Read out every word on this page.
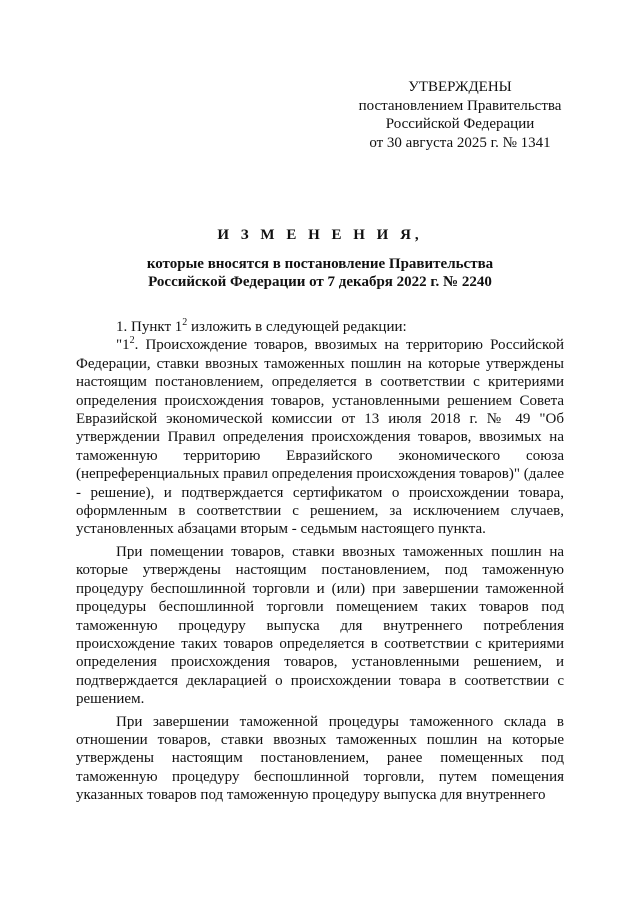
УТВЕРЖДЕНЫ
постановлением Правительства
Российской Федерации
от 30 августа 2025 г. № 1341
И З М Е Н Е Н И Я,
которые вносятся в постановление Правительства
Российской Федерации от 7 декабря 2022 г. № 2240

1. Пункт $1^2$ изложить в следующей редакции:

"$1^2$. Происхождение товаров, ввозимых на территорию Российской Федерации, ставки ввозных таможенных пошлин на которые утверждены настоящим постановлением, определяется в соответствии с критериями определения происхождения товаров, установленными решением Совета Евразийской экономической комиссии от 13 июля 2018 г. № 49 "Об утверждении Правил определения происхождения товаров, ввозимых на таможенную территорию Евразийского экономического союза (непреференциальных правил определения происхождения товаров)" (далее - решение), и подтверждается сертификатом о происхождении товара, оформленным в соответствии с решением, за исключением случаев, установленных абзацами вторым - седьмым настоящего пункта.

При помещении товаров, ставки ввозных таможенных пошлин на которые утверждены настоящим постановлением, под таможенную процедуру беспошлинной торговли и (или) при завершении таможенной процедуры беспошлинной торговли помещением таких товаров под таможенную процедуру выпуска для внутреннего потребления происхождение таких товаров определяется в соответствии с критериями определения происхождения товаров, установленными решением, и подтверждается декларацией о происхождении товара в соответствии с решением.

При завершении таможенной процедуры таможенного склада в отношении товаров, ставки ввозных таможенных пошлин на которые утверждены настоящим постановлением, ранее помещенных под таможенную процедуру беспошлинной торговли, путем помещения указанных товаров под таможенную процедуру выпуска для внутреннего
